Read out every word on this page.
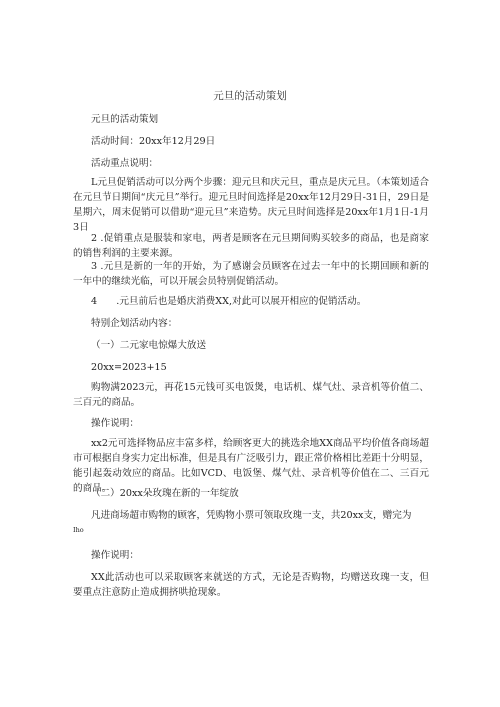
元旦的活动策划
元旦的活动策划
活动时间：20xx年12月29日
活动重点说明：
L元旦促销活动可以分两个步骤：迎元旦和庆元旦，重点是庆元旦。（本策划适合在元旦节日期间“庆元旦”举行。迎元旦时间选择是20xx年12月29日-31日，29日是星期六，周末促销可以借助“迎元旦”来造势。庆元旦时间选择是20xx年1月1日-1月3日
2 .促销重点是服装和家电，两者是顾客在元旦期间购买较多的商品，也是商家的销售利润的主要来源。
3 .元旦是新的一年的开始，为了感谢会员顾客在过去一年中的长期回顾和新的一年中的继续光临，可以开展会员特别促销活动。
4　　.元旦前后也是婚庆消费XX,对此可以展开相应的促销活动。
特别企划活动内容：
（一）二元家电惊爆大放送
20xx=2023+15
购物满2023元，再花15元钱可买电饭煲，电话机、煤气灶、录音机等价值二、三百元的商品。
操作说明：
xx2元可选择物品应丰富多样，给顾客更大的挑选余地XX商品平均价值各商场超市可根据自身实力定出标准，但是具有广泛吸引力，跟正常价格相比差距十分明显，能引起轰动效应的商品。比如VCD、电饭堡、煤气灶、录音机等价值在二、三百元的商品。
（二）20xx朵玫瑰在新的一年绽放
凡进商场超市购物的顾客，凭购物小票可领取玫瑰一支，共20xx支，赠完为
Iho
操作说明：
XX此活动也可以采取顾客来就送的方式，无论是否购物，均赠送玫瑰一支，但要重点注意防止造成拥挤哄抢现象。
